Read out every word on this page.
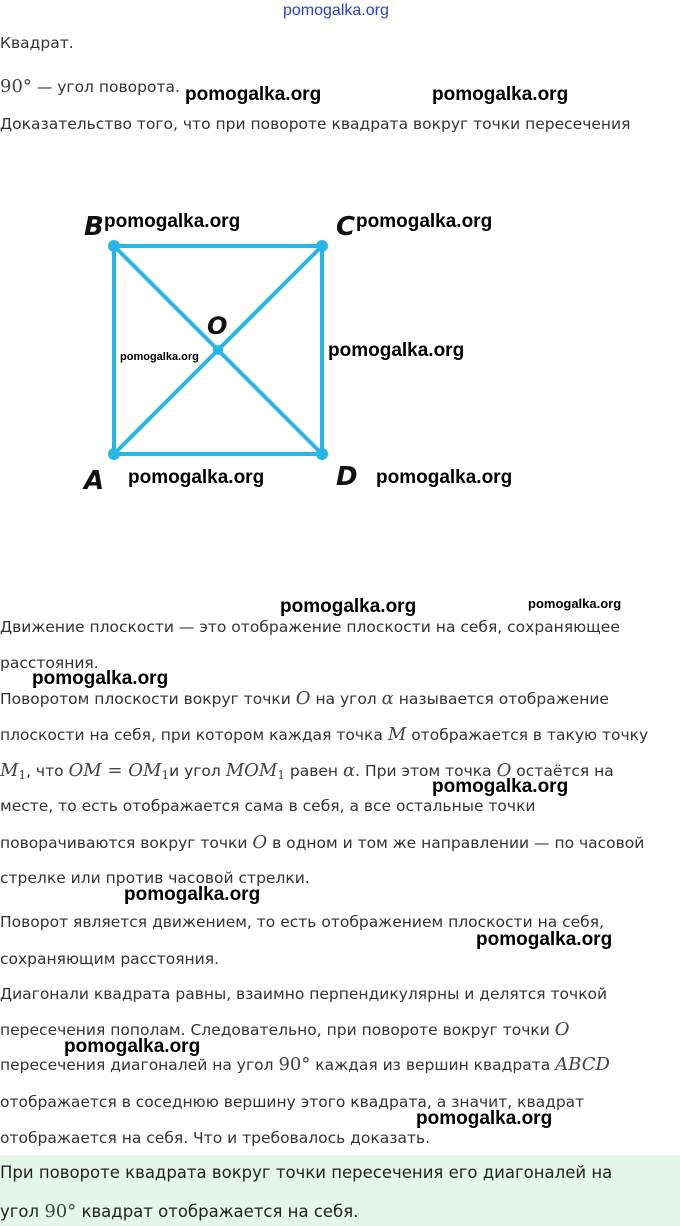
pomogalka.org
Квадрат.
90° — угол поворота.
Доказательство того, что при повороте квадрата вокруг точки пересечения
B	C
A	D
O
Движение плоскости — это отображение плоскости на себя, сохраняющее
расстояния.
Поворотом плоскости вокруг точки O на угол α называется отображение
плоскости на себя, при котором каждая точка M отображается в такую точку
$M_1$, что OM = $OM_1и$ угол $MOM_1$ равен α. При этом точка O остаётся на
месте, то есть отображается сама в себя, а все остальные точки
поворачиваются вокруг точки O в одном и том же направлении — по часовой
стрелке или против часовой стрелки.
Поворот является движением, то есть отображением плоскости на себя,
сохраняющим расстояния.
Диагонали квадрата равны, взаимно перпендикулярны и делятся точкой
пересечения пополам. Следовательно, при повороте вокруг точки O
пересечения диагоналей на угол 90° каждая из вершин квадрата ABCD
отображается в соседнюю вершину этого квадрата, а значит, квадрат
отображается на себя. Что и требовалось доказать.
При повороте квадрата вокруг точки пересечения его диагоналей на
угол 90° квадрат отображается на себя.
pomogalka.org	pomogalka.org
pomogalka.org	pomogalka.org
pomogalka.org	pomogalka.org
pomogalka.org	pomogalka.org
pomogalka.org	pomogalka.org
pomogalka.org
pomogalka.org
pomogalka.org
pomogalka.org
pomogalka.org
pomogalka.org
